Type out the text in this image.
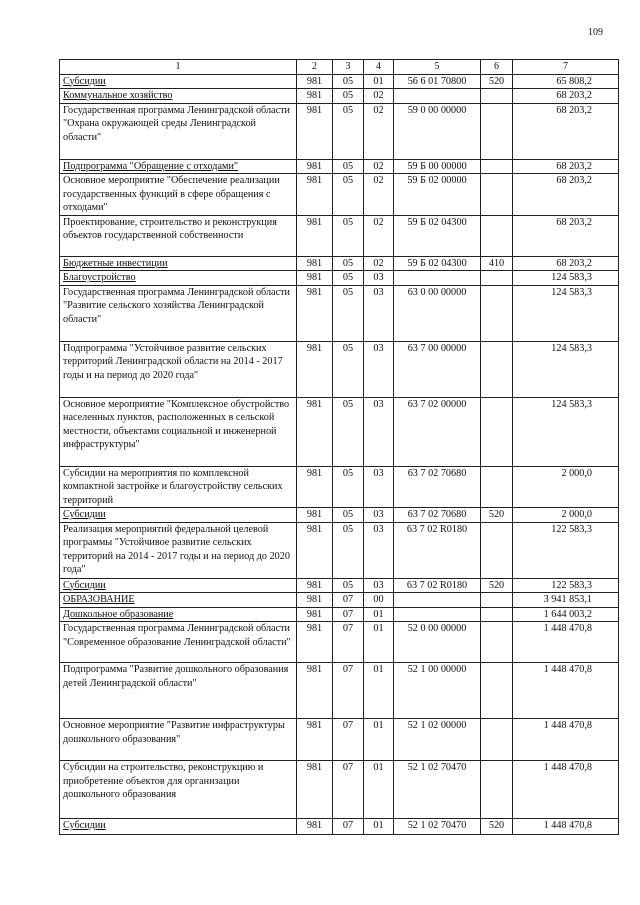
109
1	2	3	4	5	6	7
Субсидии	981	05	01	56 6 01 70800	520	65 808,2
Коммунальное хозяйство	981	05	02			68 203,2
Государственная программа Ленинградской области "Охрана окружающей среды Ленинградской области"	981	05	02	59 0 00 00000		68 203,2
Подпрограмма "Обращение с отходами"	981	05	02	59 Б 00 00000		68 203,2
Основное мероприятие "Обеспечение реализации государственных функций в сфере обращения с отходами"	981	05	02	59 Б 02 00000		68 203,2
Проектирование, строительство и реконструкция объектов государственной собственности	981	05	02	59 Б 02 04300		68 203,2
Бюджетные инвестиции	981	05	02	59 Б 02 04300	410	68 203,2
Благоустройство	981	05	03			124 583,3
Государственная программа Ленинградской области "Развитие сельского хозяйства Ленинградской области"	981	05	03	63 0 00 00000		124 583,3
Подпрограмма "Устойчивое развитие сельских территорий Ленинградской области на 2014 - 2017 годы и на период до 2020 года"	981	05	03	63 7 00 00000		124 583,3
Основное мероприятие "Комплексное обустройство населенных пунктов, расположенных в сельской местности, объектами социальной и инженерной инфраструктуры"	981	05	03	63 7 02 00000		124 583,3
Субсидии на мероприятия по комплексной компактной застройке и благоустройству сельских территорий	981	05	03	63 7 02 70680		2 000,0
Субсидии	981	05	03	63 7 02 70680	520	2 000,0
Реализация мероприятий федеральной целевой программы "Устойчивое развитие сельских территорий на 2014 - 2017 годы и на период до 2020 года"	981	05	03	63 7 02 R0180		122 583,3
Субсидии	981	05	03	63 7 02 R0180	520	122 583,3
ОБРАЗОВАНИЕ	981	07	00			3 941 853,1
Дошкольное образование	981	07	01			1 644 003,2
Государственная программа Ленинградской области "Современное образование Ленинградской области"	981	07	01	52 0 00 00000		1 448 470,8
Подпрограмма "Развитие дошкольного образования детей Ленинградской области"	981	07	01	52 1 00 00000		1 448 470,8
Основное мероприятие "Развитие инфраструктуры дошкольного образования"	981	07	01	52 1 02 00000		1 448 470,8
Субсидии на строительство, реконструкцию и приобретение объектов для организации дошкольного образования	981	07	01	52 1 02 70470		1 448 470,8
Субсидии	981	07	01	52 1 02 70470	520	1 448 470,8
